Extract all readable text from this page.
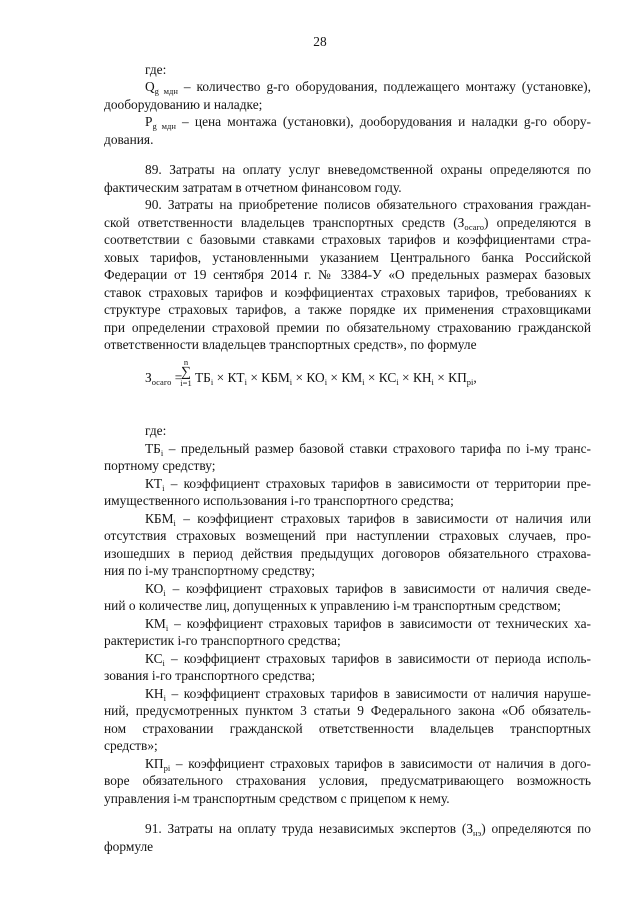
28
где:
$Q_{g мдн}$ – количество g-го оборудования, подлежащего монтажу (установке),
дооборудованию и наладке;
$P_{g мдн}$ – цена монтажа (установки), дооборудования и наладки g-го обору-
дования.
89. Затраты на оплату услуг вневедомственной охраны определяются по
фактическим затратам в отчетном финансовом году.
90. Затраты на приобретение полисов обязательного страхования граждан-
ской ответственности владельцев транспортных средств $(З_{осаго})$ определяются в
соответствии с базовыми ставками страховых тарифов и коэффициентами стра-
ховых тарифов, установленными указанием Центрального банка Российской
Федерации от 19 сентября 2014 г. № 3384-У «О предельных размерах базовых
ставок страховых тарифов и коэффициентах страховых тарифов, требованиях к
структуре страховых тарифов, а также порядке их применения страховщиками
при определении страховой премии по обязательному страхованию гражданской
ответственности владельцев транспортных средств», по формуле
$З_{осаго}$ =
n
∑
i=1 $ТБ_i \times КТ_i \times КБМ_i \times КО_i \times КМ_i \times КС_i \times КН_i \times КП_{pi}$,
где:
$ТБ_i$ – предельный размер базовой ставки страхового тарифа по i-му транс-
портному средству;
$КТ_i$ – коэффициент страховых тарифов в зависимости от территории пре-
имущественного использования i-го транспортного средства;
$КБМ_i$ – коэффициент страховых тарифов в зависимости от наличия или
отсутствия страховых возмещений при наступлении страховых случаев, про-
изошедших в период действия предыдущих договоров обязательного страхова-
ния по i-му транспортному средству;
$КО_i$ – коэффициент страховых тарифов в зависимости от наличия сведе-
ний о количестве лиц, допущенных к управлению i-м транспортным средством;
$КМ_i$ – коэффициент страховых тарифов в зависимости от технических ха-
рактеристик i-го транспортного средства;
$КС_i$ – коэффициент страховых тарифов в зависимости от периода исполь-
зования i-го транспортного средства;
$КН_i$ – коэффициент страховых тарифов в зависимости от наличия наруше-
ний, предусмотренных пунктом 3 статьи 9 Федерального закона «Об обязатель-
ном страховании гражданской ответственности владельцев транспортных
средств»;
$КП_{pi}$ – коэффициент страховых тарифов в зависимости от наличия в дого-
воре обязательного страхования условия, предусматривающего возможность
управления i-м транспортным средством с прицепом к нему.
91. Затраты на оплату труда независимых экспертов $(З_{нэ})$ определяются по
формуле
